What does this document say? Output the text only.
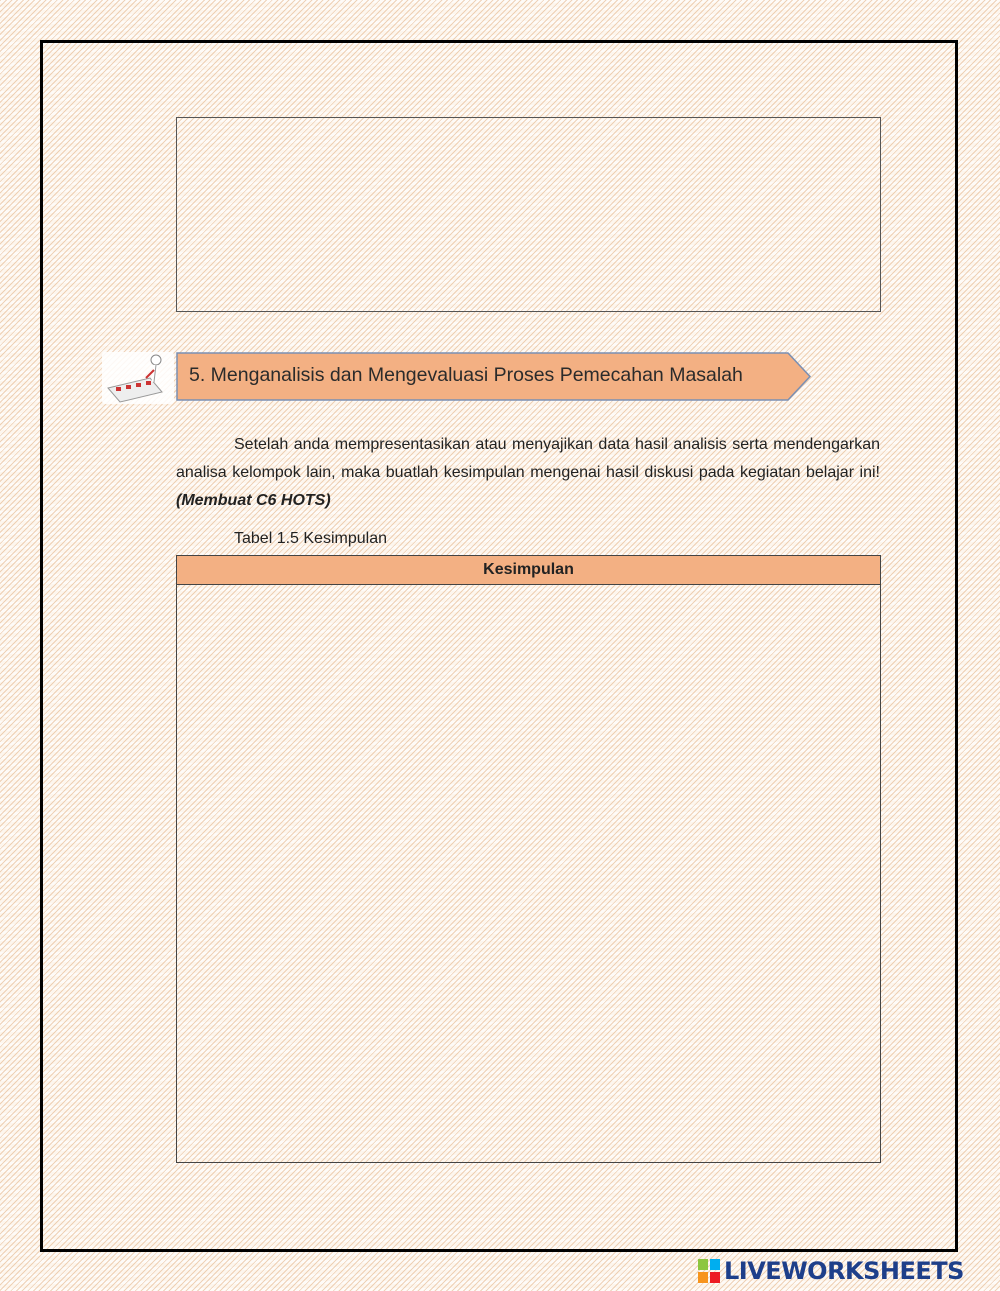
5. Menganalisis dan Mengevaluasi Proses Pemecahan Masalah

Setelah anda mempresentasikan atau menyajikan data hasil analisis serta mendengarkan analisa kelompok lain, maka buatlah kesimpulan mengenai hasil diskusi pada kegiatan belajar ini! (Membuat C6 HOTS)

Tabel 1.5 Kesimpulan
Kesimpulan
LIVEWORKSHEETS
